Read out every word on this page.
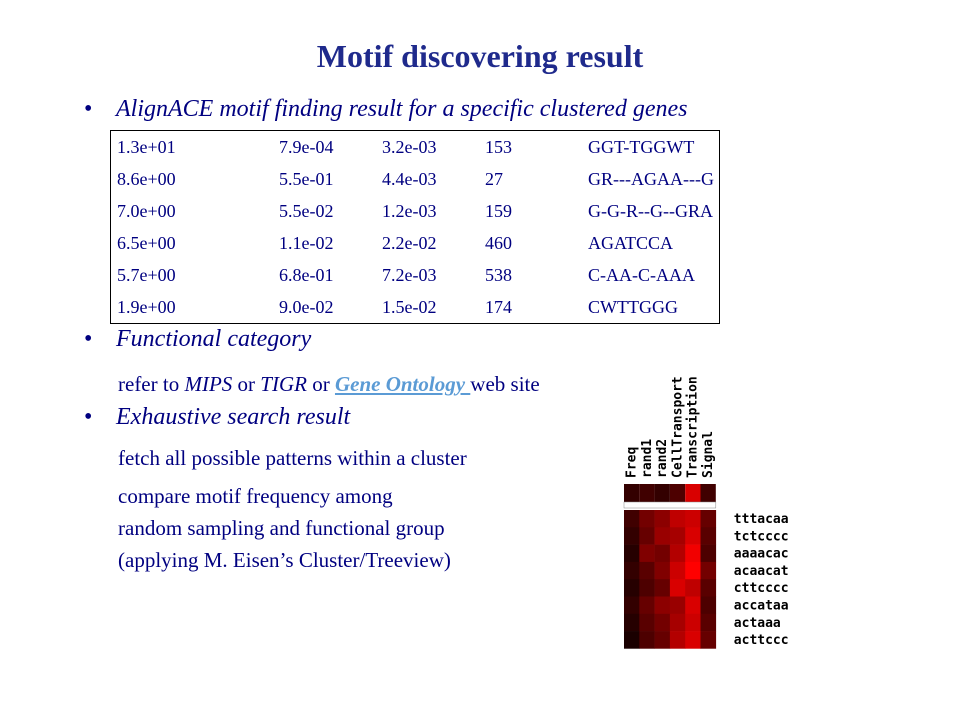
Motif discovering result
• AlignACE motif finding result for a specific clustered genes
1.3e+01	7.9e-04	3.2e-03	153	GGT-TGGWT
8.6e+00	5.5e-01	4.4e-03	27	GR---AGAA---G
7.0e+00	5.5e-02	1.2e-03	159	G-G-R--G--GRA
6.5e+00	1.1e-02	2.2e-02	460	AGATCCA
5.7e+00	6.8e-01	7.2e-03	538	C-AA-C-AAA
1.9e+00	9.0e-02	1.5e-02	174	CWTTGGG
• Functional category
refer to MIPS or TIGR or Gene Ontology web site
• Exhaustive search result
fetch all possible patterns within a cluster
compare motif frequency among
random sampling and functional group
(applying M. Eisen’s Cluster/Treeview)
Freq rand1 rand2 CellTransport Transcription Signal
tttacaa
tctcccc
aaaacac
acaacat
cttcccc
accataa
actaaa
acttccc
